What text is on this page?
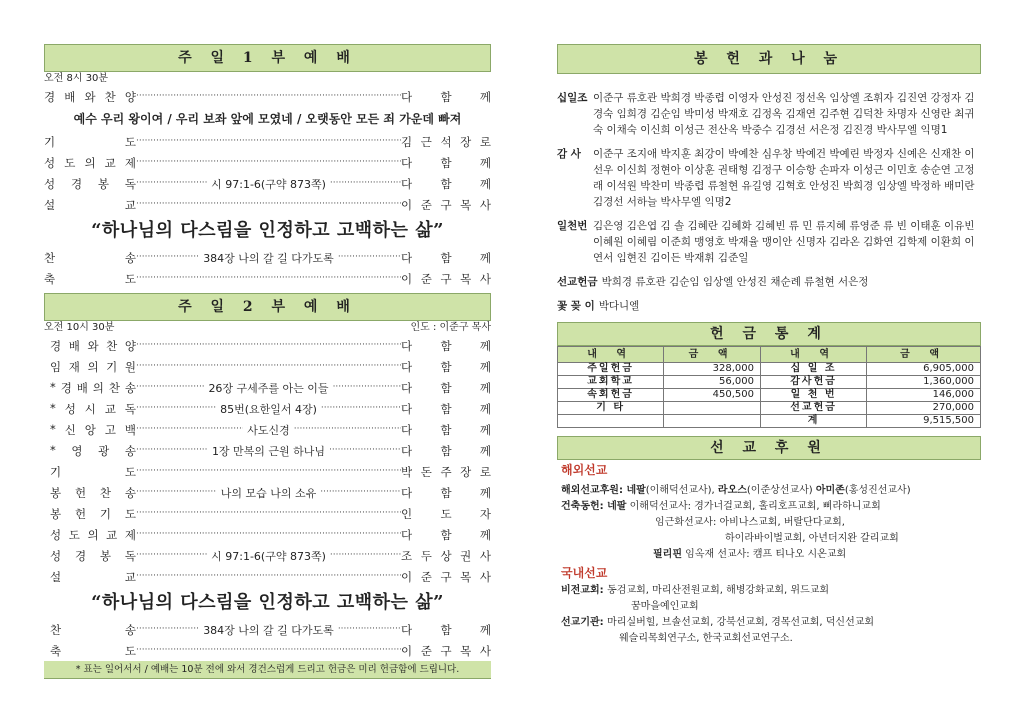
주 일 1 부 예 배
오전 8시 30분
경 배 와 찬 양 ·····	다 함 께
예수 우리 왕이여 / 우리 보좌 앞에 모였네 / 오랫동안 모든 죄 가운데 빠져
기	도 ·····	김 근 석 장 로
성 도 의 교 제 ·····	다 함 께
성 경 봉 독 ·····	시 97:1-6(구약 873쪽) ·····	다 함 께
설	교 ·····	이 준 구 목 사
“하나님의 다스림을 인정하고 고백하는 삶”
찬	송 ·····	384장 나의 갈 길 다가도록 ·····	다 함 께
축	도 ·····	이 준 구 목 사
주 일 2 부 예 배
오전 10시 30분	인도 : 이준구 목사
경 배 와 찬 양 ·····	다 함 께
임 재 의 기 원 ·····	다 함 께
* 경 배 의 찬 송 ·····	26장 구세주를 아는 이들 ·····	다 함 께
* 성 시 교 독 ·····	85번(요한일서 4장) ·····	다 함 께
* 신 앙 고 백 ·····	사도신경 ·····	다 함 께
* 영 광 송 ·····	1장 만복의 근원 하나님 ·····	다 함 께
기	도 ·····	박 돈 주 장 로
봉 헌 찬 송 ·····	나의 모습 나의 소유 ·····	다 함 께
봉 헌 기 도 ·····	인 도 자
성 도 의 교 제 ·····	다 함 께
성 경 봉 독 ·····	시 97:1-6(구약 873쪽) ·····	조 두 상 권 사
설	교 ·····	이 준 구 목 사
“하나님의 다스림을 인정하고 고백하는 삶”
찬	송 ·····	384장 나의 갈 길 다가도록 ·····	다 함 께
축	도 ·····	이 준 구 목 사
* 표는 일어서서 / 예배는 10분 전에 와서 경건스럽게 드리고 헌금은 미리 헌금함에 드립니다.
봉 헌 과 나 눔
십일조 이준구 류호관 박희경 박종렵 이영자 안성진 정선옥 임상엘 조휘자 김진연 강정자 김경숙 임희경 김순임 박미성 박재호 김정옥 김재연 김주현 김덕찬 차명자 신영란 최귀숙 이채숙 이신희 이성근 전산옥 박중수 김경선 서은정 김진경 박사무엘 익명1
감 사	이준구 조지애 박지훈 최강이 박예찬 심우창 박예건 박예린 박정자 신예은 신재찬 이선우 이신희 정현아 이상훈 권태형 김정구 이승항 손파자 이성근 이민호 송순연 고정래 이석원 박찬미 박종렵 류철현 유길영 김혁호 안성진 박희경 임상엘 박정하 배미란 김경선 서하늘 박사무엘 익명2
일천번 김은영 김은엽 김 솔 김혜란 김혜화 김혜빈 류 민 류지혜 류영준 류 빈 이태훈 이유빈 이혜원 이혜림 이준희 맹영호 박재율 맹이안 신명자 김라온 김화연 김학제 이환희 이연서 임현진 김이든 박재휘 김준일
선교헌금 박희경 류호관 김순임 임상엘 안성진 채순례 류철현 서은정
꽃 꽂 이 박다니엘
헌 금 통 계
내 역	금 액	내 역	금 액
주일헌금	328,000	십 일 조	6,905,000
교회학교	56,000	감사헌금	1,360,000
속회헌금	450,500	일 천 번	146,000
기 타		선교헌금	270,000
		계	9,515,500
선 교 후 원
해외선교
해외선교후원: 네팔(이해덕선교사), 라오스(이준상선교사) 아미존(홍성진선교사)
건축동헌: 네팔 이해덕선교사: 경가너걸교회, 홀리호프교회, 삐라하니교회
임근화선교사: 아비나스교회, 버랄단다교회,
하이라바이벌교회, 아년더지완 갈리교회
필리핀 임옥재 선교사: 캠프 티나오 시온교회
국내선교
비전교회: 동검교회, 마리산전원교회, 해병강화교회, 위드교회
꿈마을예인교회
선교기관: 마리실버힐, 브솔선교회, 강북선교회, 경목선교회, 덕신선교회
웨슬리목회연구소, 한국교회선교연구소.
